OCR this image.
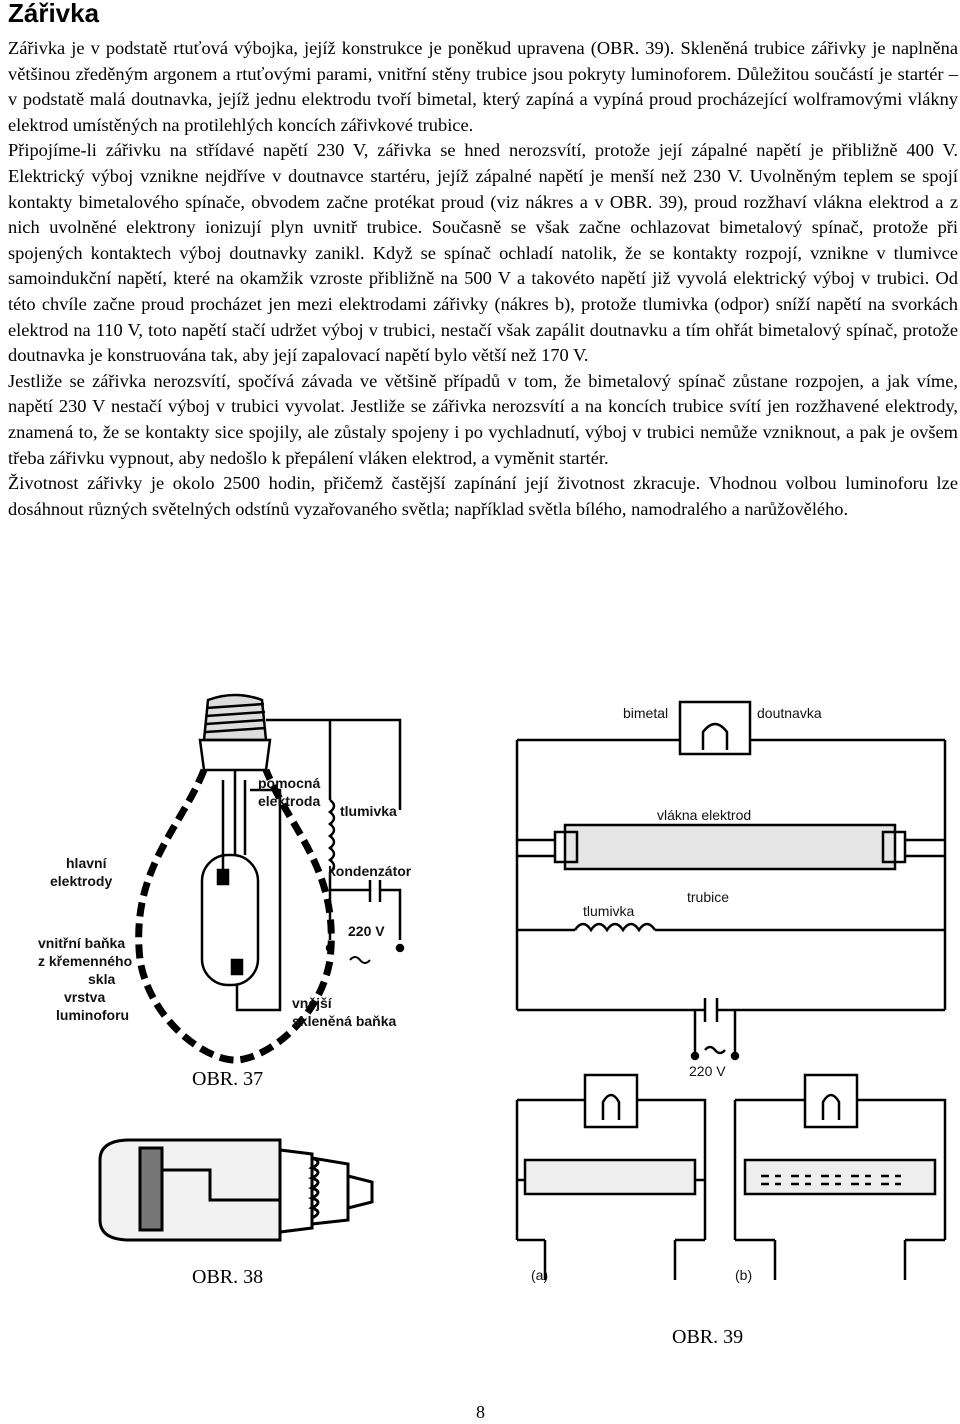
Zářivka

Zářivka je v podstatě rtuťová výbojka, jejíž konstrukce je poněkud upravena (OBR. 39). Skleněná trubice zářivky je naplněna většinou zředěným argonem a rtuťovými parami, vnitřní stěny trubice jsou pokryty luminoforem. Důležitou součástí je startér – v podstatě malá doutnavka, jejíž jednu elektrodu tvoří bimetal, který zapíná a vypíná proud procházející wolframovými vlákny elektrod umístěných na protilehlých koncích zářivkové trubice.

Připojíme-li zářivku na střídavé napětí 230 V, zářivka se hned nerozsvítí, protože její zápalné napětí je přibližně 400 V. Elektrický výboj vznikne nejdříve v doutnavce startéru, jejíž zápalné napětí je menší než 230 V. Uvolněným teplem se spojí kontakty bimetalového spínače, obvodem začne protékat proud (viz nákres a v OBR. 39), proud rozžhaví vlákna elektrod a z nich uvolněné elektrony ionizují plyn uvnitř trubice. Současně se však začne ochlazovat bimetalový spínač, protože při spojených kontaktech výboj doutnavky zanikl. Když se spínač ochladí natolik, že se kontakty rozpojí, vznikne v tlumivce samoindukční napětí, které na okamžik vzroste přibližně na 500 V a takovéto napětí již vyvolá elektrický výboj v trubici. Od této chvíle začne proud procházet jen mezi elektrodami zářivky (nákres b), protože tlumivka (odpor) sníží napětí na svorkách elektrod na 110 V, toto napětí stačí udržet výboj v trubici, nestačí však zapálit doutnavku a tím ohřát bimetalový spínač, protože doutnavka je konstruována tak, aby její zapalovací napětí bylo větší než 170 V.

Jestliže se zářivka nerozsvítí, spočívá závada ve většině případů v tom, že bimetalový spínač zůstane rozpojen, a jak víme, napětí 230 V nestačí výboj v trubici vyvolat. Jestliže se zářivka nerozsvítí a na koncích trubice svítí jen rozžhavené elektrody, znamená to, že se kontakty sice spojily, ale zůstaly spojeny i po vychladnutí, výboj v trubici nemůže vzniknout, a pak je ovšem třeba zářivku vypnout, aby nedošlo k přepálení vláken elektrod, a vyměnit startér.

Životnost zářivky je okolo 2500 hodin, přičemž častější zapínání její životnost zkracuje. Vhodnou volbou luminoforu lze dosáhnout různých světelných odstínů vyzařovaného světla; například světla bílého, namodralého a narůžovělého.

pomocná
elektroda
tlumivka
hlavní
elektrody
kondenzátor
vnitřní baňka
z křemenného
skla
vrstva
luminoforu
220 V
vnější
skleněná baňka
OBR. 37
OBR. 38
bimetal	doutnavka
vlákna elektrod
trubice
tlumivka
220 V
(a)	(b)
OBR. 39
8
